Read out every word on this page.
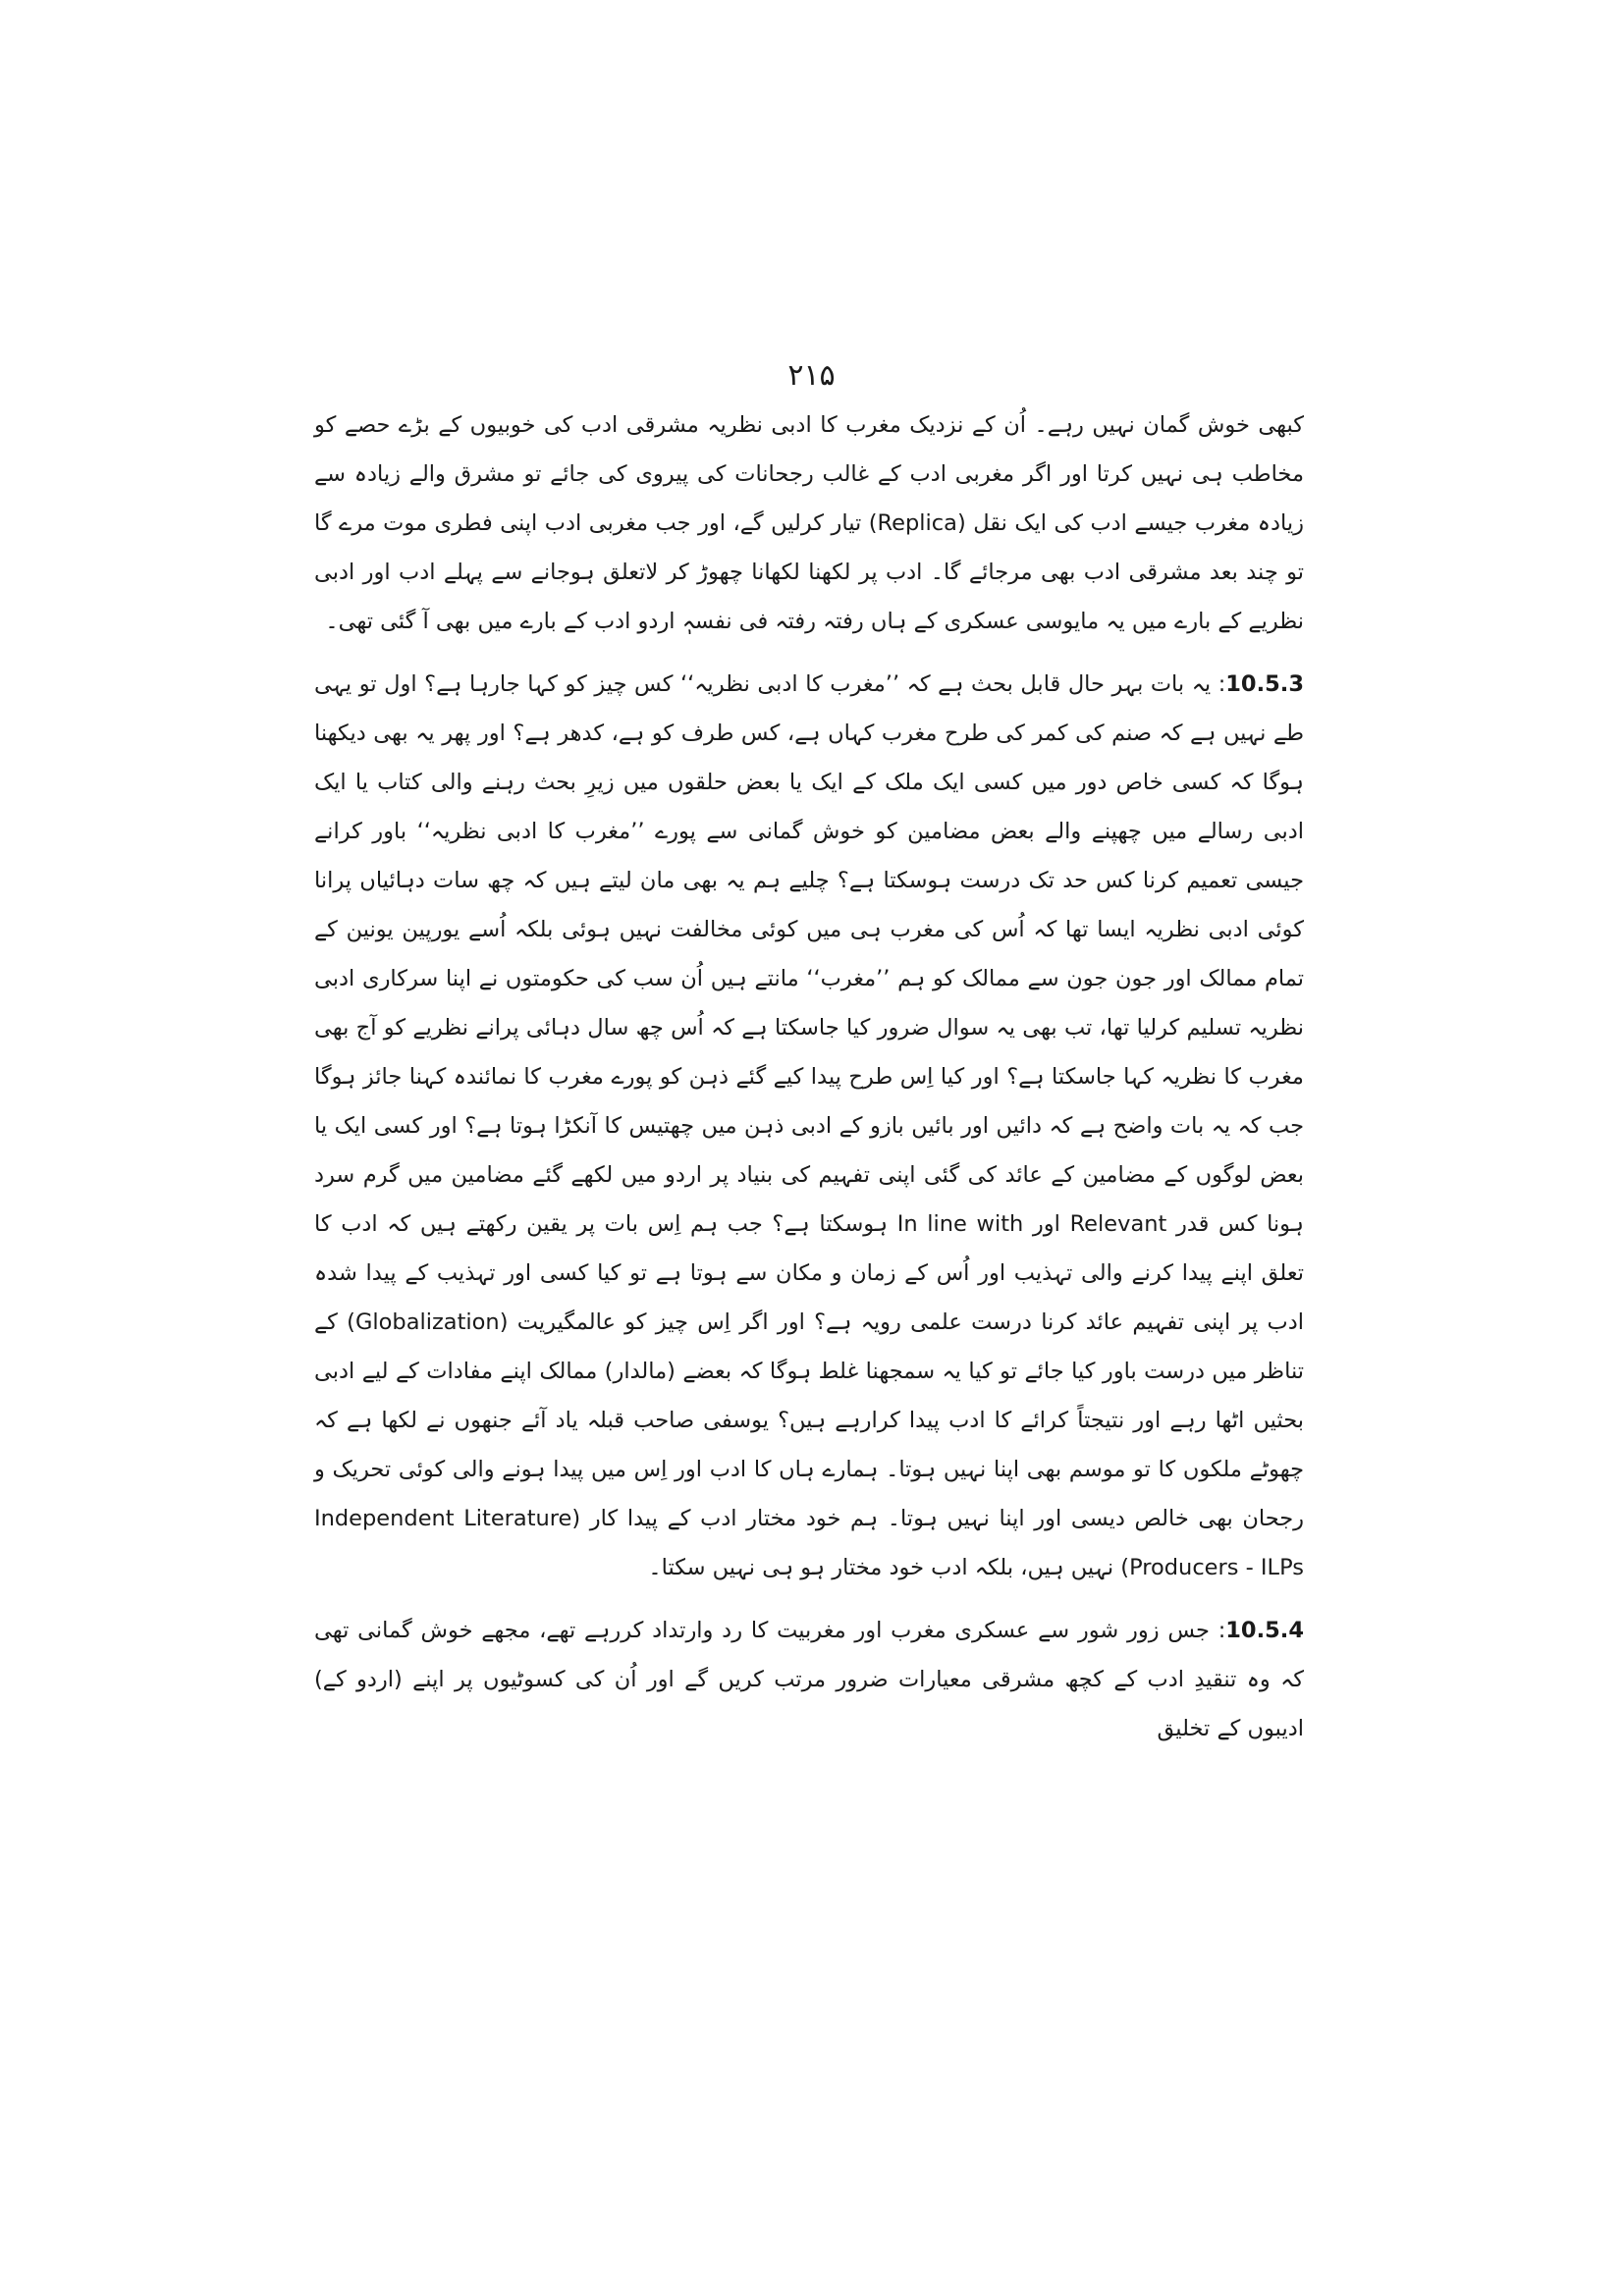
۲۱۵

کبھی خوش گمان نہیں رہے۔ اُن کے نزدیک مغرب کا ادبی نظریہ مشرقی ادب کی خوبیوں کے بڑے حصے کو مخاطب ہی نہیں کرتا اور اگر مغربی ادب کے غالب رجحانات کی پیروی کی جائے تو مشرق والے زیادہ سے زیادہ مغرب جیسے ادب کی ایک نقل (Replica) تیار کرلیں گے، اور جب مغربی ادب اپنی فطری موت مرے گا تو چند بعد مشرقی ادب بھی مرجائے گا۔ ادب پر لکھنا لکھانا چھوڑ کر لاتعلق ہوجانے سے پہلے ادب اور ادبی نظریے کے بارے میں یہ مایوسی عسکری کے ہاں رفتہ رفتہ فی نفسہٖ اردو ادب کے بارے میں بھی آ گئی تھی۔

10.5.3: یہ بات بہر حال قابل بحث ہے کہ ’’مغرب کا ادبی نظریہ‘‘ کس چیز کو کہا جارہا ہے؟ اول تو یہی طے نہیں ہے کہ صنم کی کمر کی طرح مغرب کہاں ہے، کس طرف کو ہے، کدھر ہے؟ اور پھر یہ بھی دیکھنا ہوگا کہ کسی خاص دور میں کسی ایک ملک کے ایک یا بعض حلقوں میں زیرِ بحث رہنے والی کتاب یا ایک ادبی رسالے میں چھپنے والے بعض مضامین کو خوش گمانی سے پورے ’’مغرب کا ادبی نظریہ‘‘ باور کرانے جیسی تعمیم کرنا کس حد تک درست ہوسکتا ہے؟ چلیے ہم یہ بھی مان لیتے ہیں کہ چھ سات دہائیاں پرانا کوئی ادبی نظریہ ایسا تھا کہ اُس کی مغرب ہی میں کوئی مخالفت نہیں ہوئی بلکہ اُسے یورپین یونین کے تمام ممالک اور جون جون سے ممالک کو ہم ’’مغرب‘‘ مانتے ہیں اُن سب کی حکومتوں نے اپنا سرکاری ادبی نظریہ تسلیم کرلیا تھا، تب بھی یہ سوال ضرور کیا جاسکتا ہے کہ اُس چھ سال دہائی پرانے نظریے کو آج بھی مغرب کا نظریہ کہا جاسکتا ہے؟ اور کیا اِس طرح پیدا کیے گئے ذہن کو پورے مغرب کا نمائندہ کہنا جائز ہوگا جب کہ یہ بات واضح ہے کہ دائیں اور بائیں بازو کے ادبی ذہن میں چھتیس کا آنکڑا ہوتا ہے؟ اور کسی ایک یا بعض لوگوں کے مضامین کے عائد کی گئی اپنی تفہیم کی بنیاد پر اردو میں لکھے گئے مضامین میں گرم سرد ہونا کس قدر Relevant اور In line with ہوسکتا ہے؟ جب ہم اِس بات پر یقین رکھتے ہیں کہ ادب کا تعلق اپنے پیدا کرنے والی تہذیب اور اُس کے زمان و مکان سے ہوتا ہے تو کیا کسی اور تہذیب کے پیدا شدہ ادب پر اپنی تفہیم عائد کرنا درست علمی رویہ ہے؟ اور اگر اِس چیز کو عالمگیریت (Globalization) کے تناظر میں درست باور کیا جائے تو کیا یہ سمجھنا غلط ہوگا کہ بعضے (مالدار) ممالک اپنے مفادات کے لیے ادبی بحثیں اٹھا رہے اور نتیجتاً کرائے کا ادب پیدا کرارہے ہیں؟ یوسفی صاحب قبلہ یاد آئے جنھوں نے لکھا ہے کہ چھوٹے ملکوں کا تو موسم بھی اپنا نہیں ہوتا۔ ہمارے ہاں کا ادب اور اِس میں پیدا ہونے والی کوئی تحریک و رجحان بھی خالص دیسی اور اپنا نہیں ہوتا۔ ہم خود مختار ادب کے پیدا کار (Independent Literature Producers - ILPs) نہیں ہیں، بلکہ ادب خود مختار ہو ہی نہیں سکتا۔

10.5.4: جس زور شور سے عسکری مغرب اور مغربیت کا رد وارتداد کررہے تھے، مجھے خوش گمانی تھی کہ وہ تنقیدِ ادب کے کچھ مشرقی معیارات ضرور مرتب کریں گے اور اُن کی کسوٹیوں پر اپنے (اردو کے) ادیبوں کے تخلیق
